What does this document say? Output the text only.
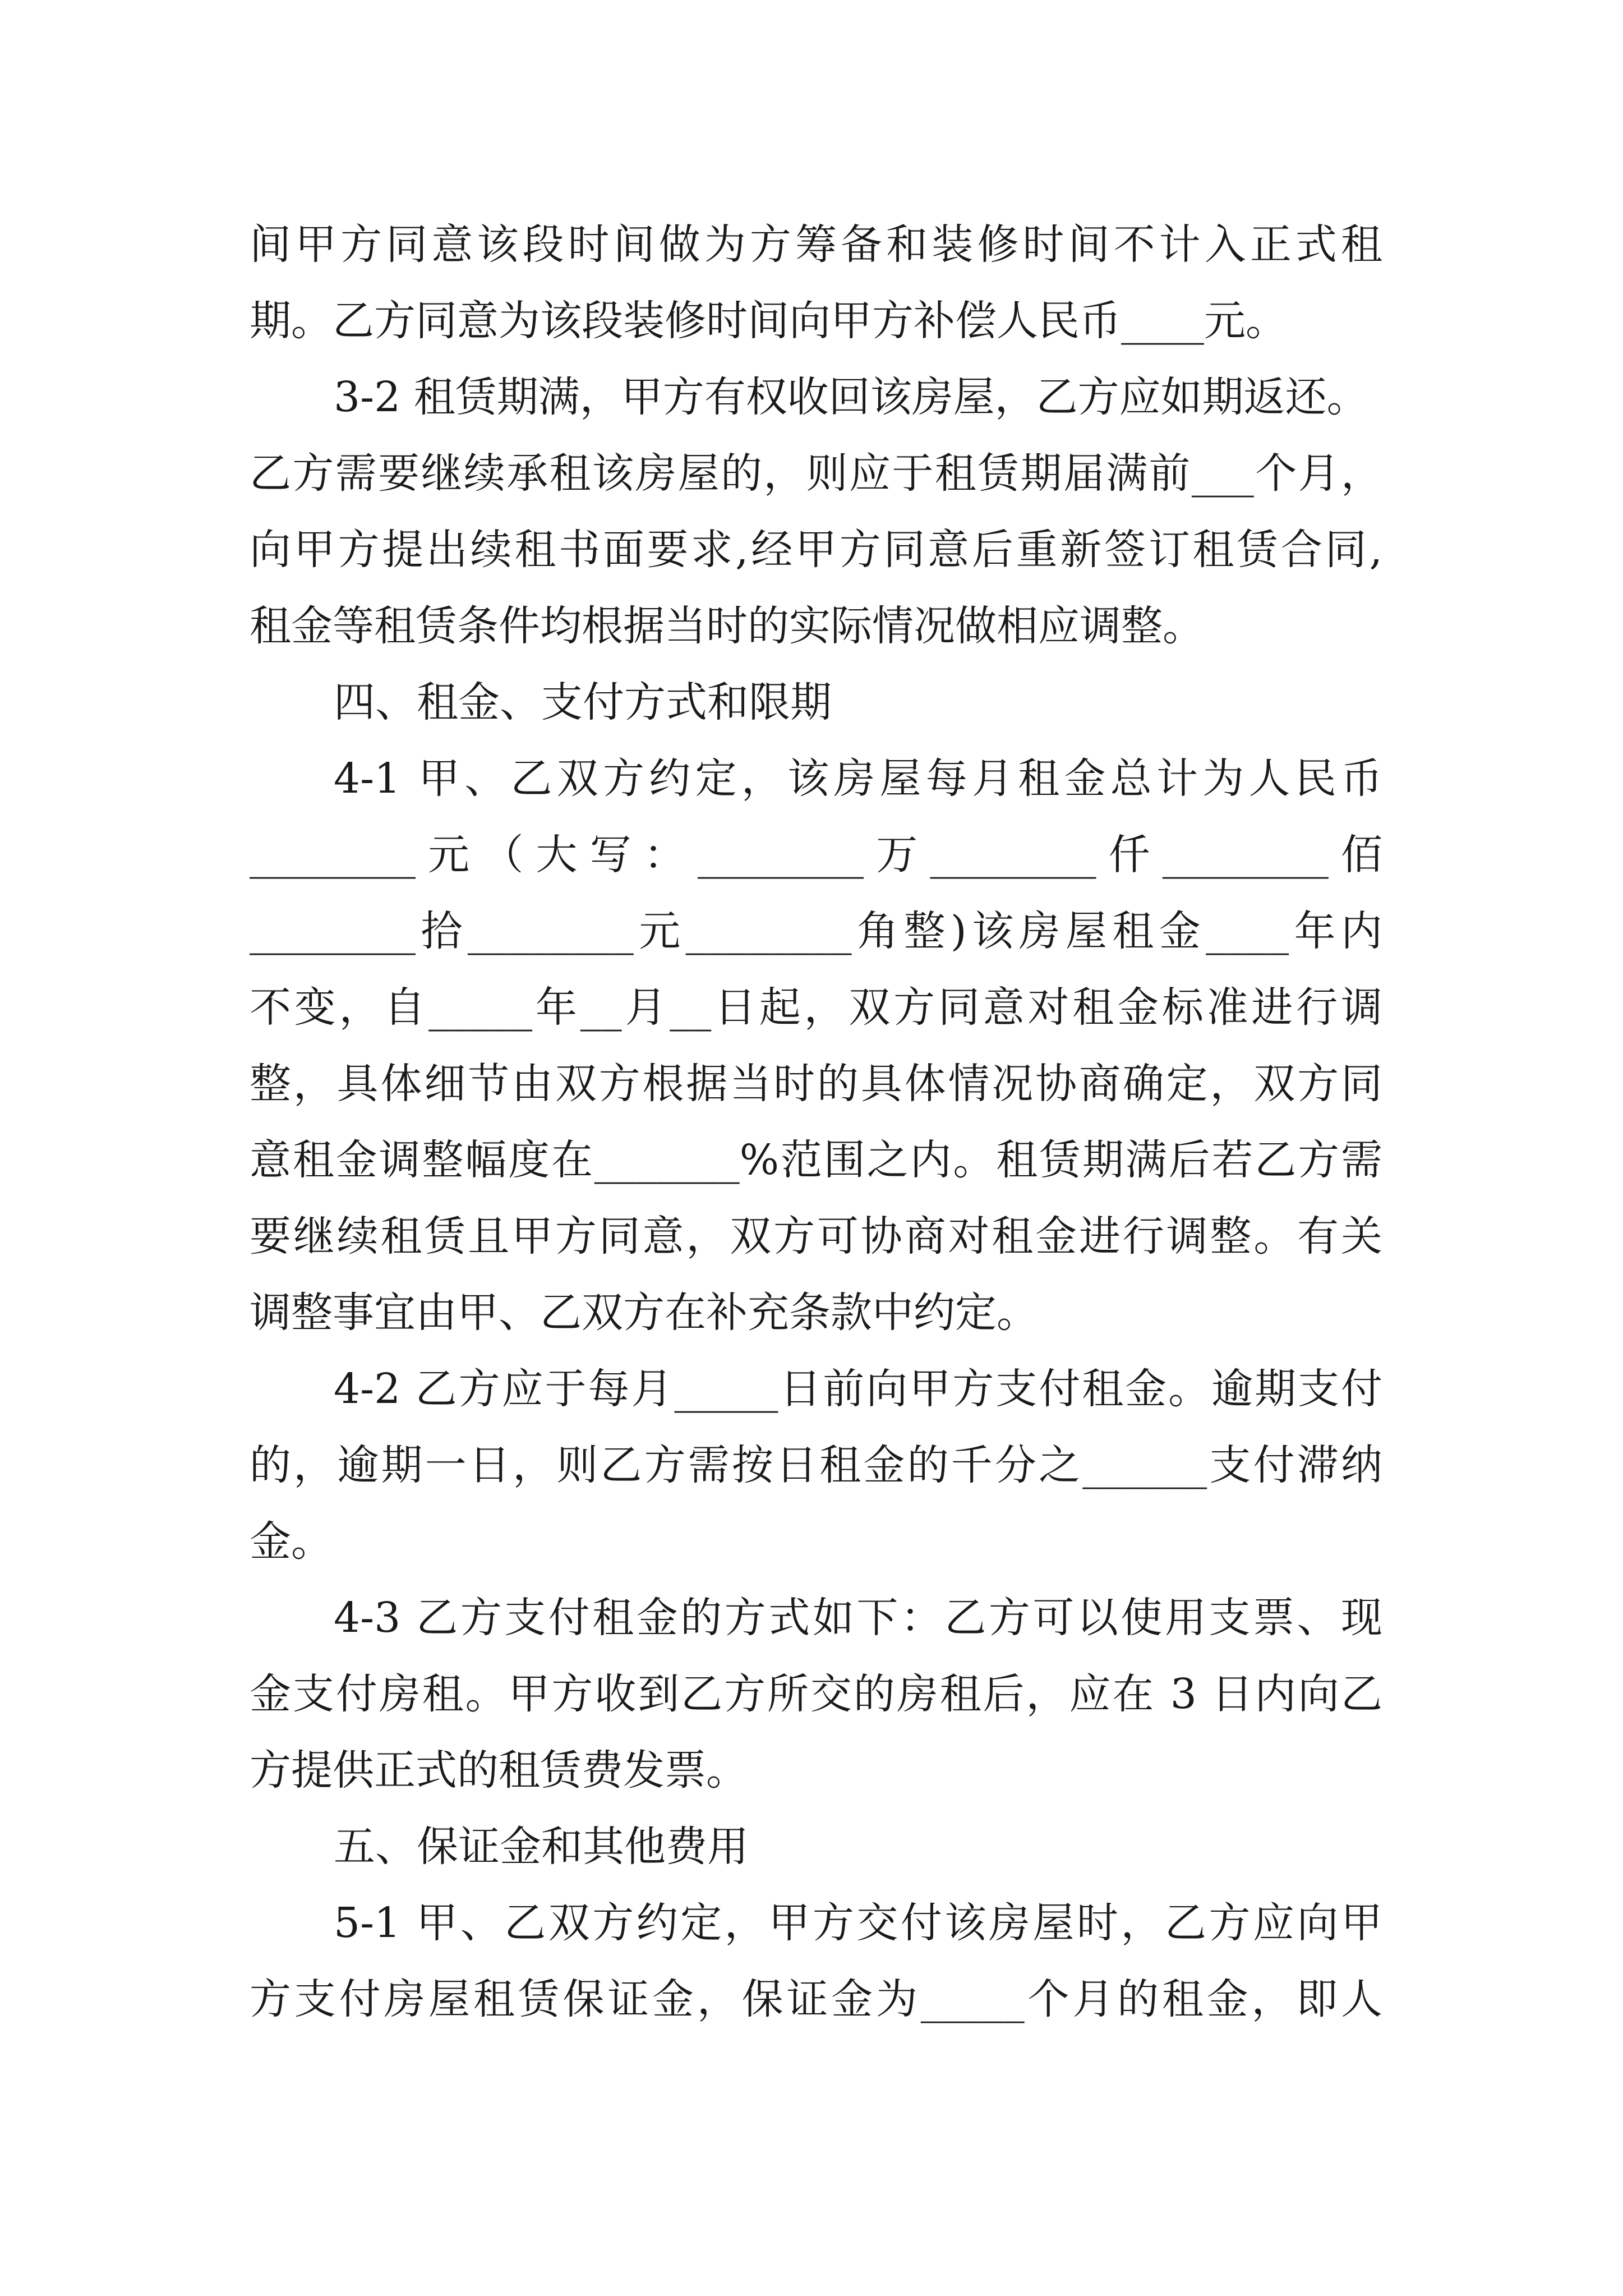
间甲方同意该段时间做为方筹备和装修时间不计入正式租
期。乙方同意为该段装修时间向甲方补偿人民币____元。
3-2 租赁期满，甲方有权收回该房屋，乙方应如期返还。
乙方需要继续承租该房屋的，则应于租赁期届满前___个月，
向甲方提出续租书面要求,经甲方同意后重新签订租赁合同,
租金等租赁条件均根据当时的实际情况做相应调整。
四、租金、支付方式和限期
4-1 甲、乙双方约定，该房屋每月租金总计为人民币
________元（大写：________万________仟________佰
________拾________元________角整)该房屋租金____年内
不变，自_____年__月__日起，双方同意对租金标准进行调
整，具体细节由双方根据当时的具体情况协商确定，双方同
意租金调整幅度在_______%范围之内。租赁期满后若乙方需
要继续租赁且甲方同意，双方可协商对租金进行调整。有关
调整事宜由甲、乙双方在补充条款中约定。
4-2 乙方应于每月_____日前向甲方支付租金。逾期支付
的，逾期一日，则乙方需按日租金的千分之______支付滞纳
金。
4-3 乙方支付租金的方式如下：乙方可以使用支票、现
金支付房租。甲方收到乙方所交的房租后，应在 3 日内向乙
方提供正式的租赁费发票。
五、保证金和其他费用
5-1 甲、乙双方约定，甲方交付该房屋时，乙方应向甲
方支付房屋租赁保证金，保证金为_____个月的租金，即人
